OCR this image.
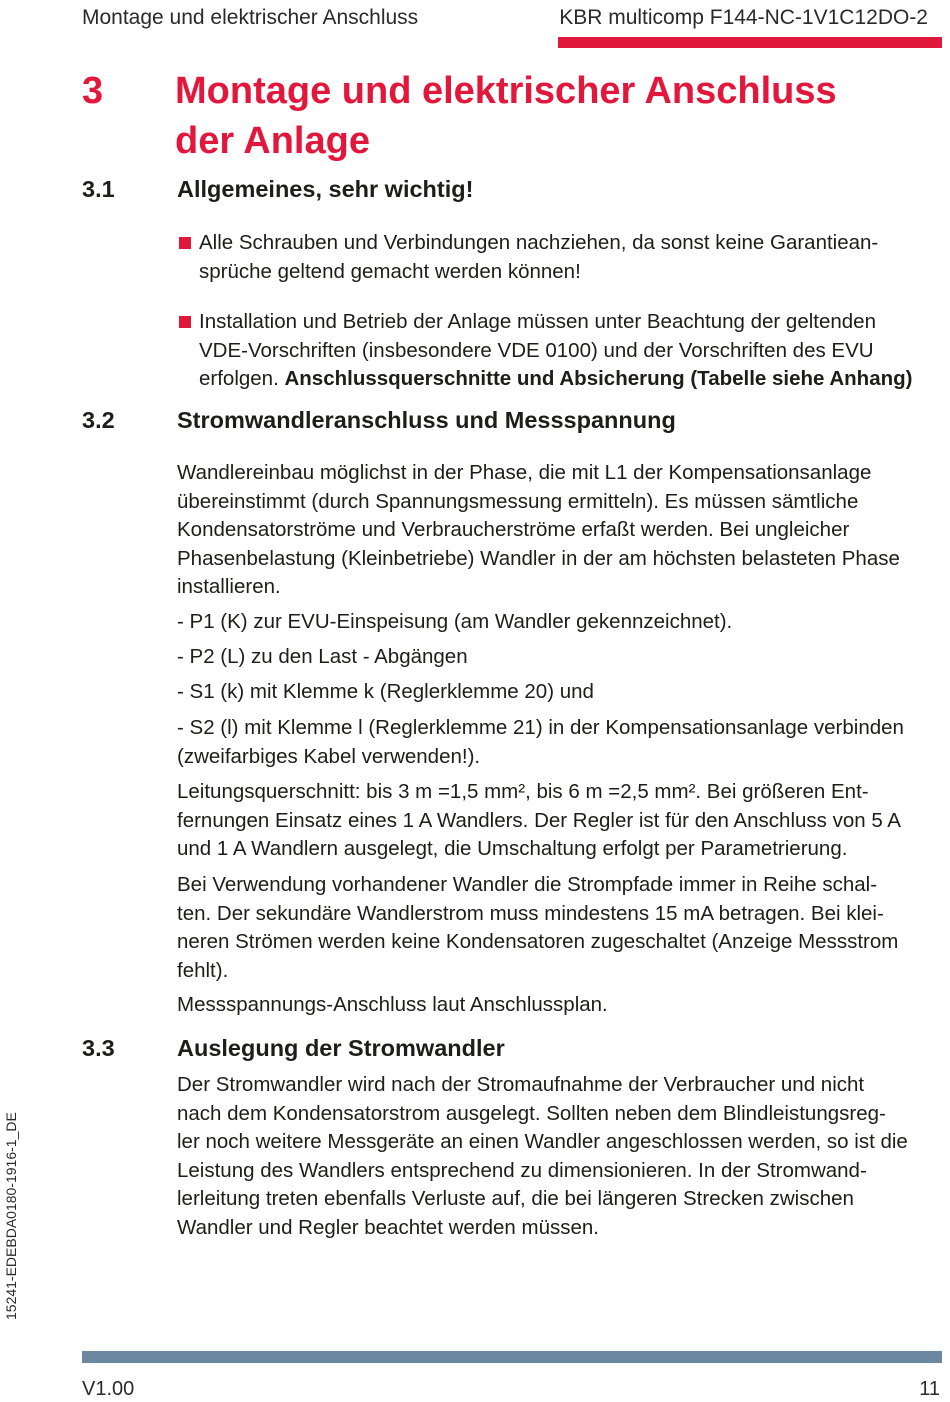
Montage und elektrischer Anschluss	KBR multicomp F144-NC-1V1C12DO-2
3 Montage und elektrischer Anschluss
der Anlage
3.1	Allgemeines, sehr wichtig!
Alle Schrauben und Verbindungen nachziehen, da sonst keine Garantiean-
sprüche geltend gemacht werden können!
Installation und Betrieb der Anlage müssen unter Beachtung der geltenden
VDE-Vorschriften (insbesondere VDE 0100) und der Vorschriften des EVU
erfolgen. Anschlussquerschnitte und Absicherung (Tabelle siehe Anhang)
3.2	Stromwandleranschluss und Messspannung
Wandlereinbau möglichst in der Phase, die mit L1 der Kompensationsanlage
übereinstimmt (durch Spannungsmessung ermitteln). Es müssen sämtliche
Kondensatorströme und Verbraucherströme erfaßt werden. Bei ungleicher
Phasenbelastung (Kleinbetriebe) Wandler in der am höchsten belasteten Phase
installieren.
- P1 (K) zur EVU-Einspeisung (am Wandler gekennzeichnet).
- P2 (L) zu den Last - Abgängen
- S1 (k) mit Klemme k (Reglerklemme 20) und
- S2 (l) mit Klemme l (Reglerklemme 21) in der Kompensationsanlage verbinden
(zweifarbiges Kabel verwenden!).
Leitungsquerschnitt: bis 3 m =1,5 mm², bis 6 m =2,5 mm². Bei größeren Ent-
fernungen Einsatz eines 1 A Wandlers. Der Regler ist für den Anschluss von 5 A
und 1 A Wandlern ausgelegt, die Umschaltung erfolgt per Parametrierung.
Bei Verwendung vorhandener Wandler die Strompfade immer in Reihe schal-
ten. Der sekundäre Wandlerstrom muss mindestens 15 mA betragen. Bei klei-
neren Strömen werden keine Kondensatoren zugeschaltet (Anzeige Messstrom
fehlt).
Messspannungs-Anschluss laut Anschlussplan.
3.3	Auslegung der Stromwandler
Der Stromwandler wird nach der Stromaufnahme der Verbraucher und nicht
nach dem Kondensatorstrom ausgelegt. Sollten neben dem Blindleistungsreg-
ler noch weitere Messgeräte an einen Wandler angeschlossen werden, so ist die
Leistung des Wandlers entsprechend zu dimensionieren. In der Stromwand-
lerleitung treten ebenfalls Verluste auf, die bei längeren Strecken zwischen
Wandler und Regler beachtet werden müssen.
15241-EDEBDA0180-1916-1_DE
V1.00	11
